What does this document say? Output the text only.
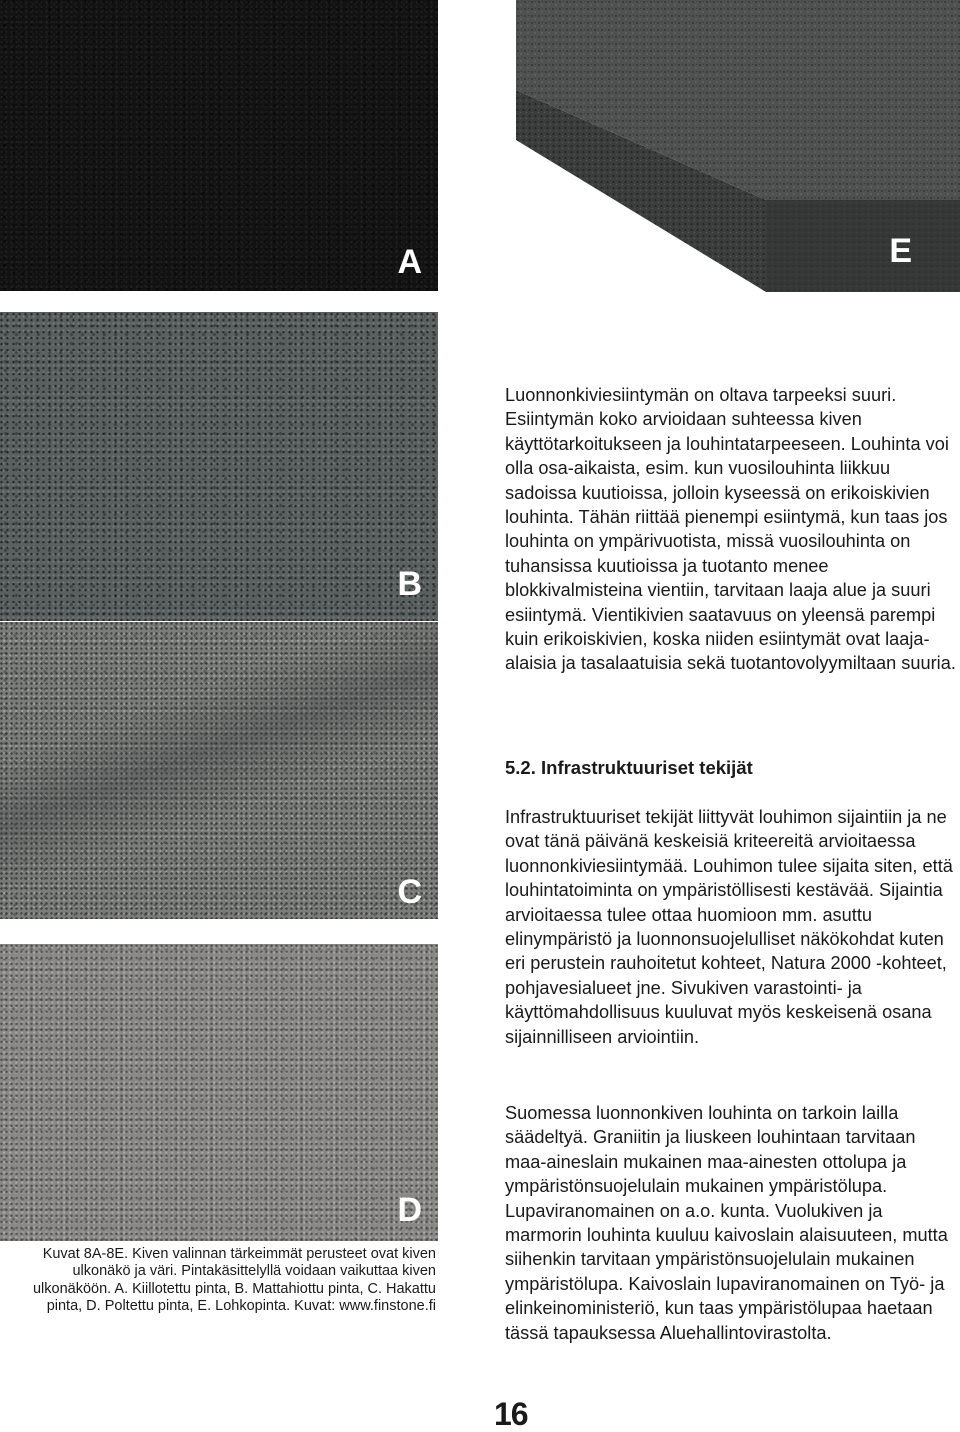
A	E
B
C
D
Kuvat 8A-8E. Kiven valinnan tärkeimmät perusteet ovat kiven ulkonäkö ja väri. Pintakäsittelyllä voidaan vaikuttaa kiven ulkonäköön. A. Kiillotettu pinta, B. Mattahiottu pinta, C. Hakattu pinta, D. Poltettu pinta, E. Lohkopinta. Kuvat: www.finstone.fi
Luonnonkiviesiintymän on oltava tarpeeksi suuri. Esiintymän koko arvioidaan suhteessa kiven käyttötarkoitukseen ja louhintatarpeeseen. Louhinta voi olla osa-aikaista, esim. kun vuosilouhinta liikkuu sadoissa kuutioissa, jolloin kyseessä on erikoiskivien louhinta. Tähän riittää pienempi esiintymä, kun taas jos louhinta on ympärivuotista, missä vuosilouhinta on tuhansissa kuutioissa ja tuotanto menee blokkivalmisteina vientiin, tarvitaan laaja alue ja suuri esiintymä. Vientikivien saatavuus on yleensä parempi kuin erikoiskivien, koska niiden esiintymät ovat laaja-alaisia ja tasalaatuisia sekä tuotantovolyymiltaan suuria.
5.2. Infrastruktuuriset tekijät
Infrastruktuuriset tekijät liittyvät louhimon sijaintiin ja ne ovat tänä päivänä keskeisiä kriteereitä arvioitaessa luonnonkiviesiintymää. Louhimon tulee sijaita siten, että louhintatoiminta on ympäristöllisesti kestävää. Sijaintia arvioitaessa tulee ottaa huomioon mm. asuttu elinympäristö ja luonnonsuojelulliset näkökohdat kuten eri perustein rauhoitetut kohteet, Natura 2000 -kohteet, pohjavesialueet jne. Sivukiven varastointi- ja käyttömahdollisuus kuuluvat myös keskeisenä osana sijainnilliseen arviointiin.
Suomessa luonnonkiven louhinta on tarkoin lailla säädeltyä. Graniitin ja liuskeen louhintaan tarvitaan maa-aineslain mukainen maa-ainesten ottolupa ja ympäristönsuojelulain mukainen ympäristölupa. Lupaviranomainen on a.o. kunta. Vuolukiven ja marmorin louhinta kuuluu kaivoslain alaisuuteen, mutta siihenkin tarvitaan ympäristönsuojelulain mukainen ympäristölupa. Kaivoslain lupaviranomainen on Työ- ja elinkeinoministeriö, kun taas ympäristölupaa haetaan tässä tapauksessa Aluehallintovirastolta.
16
